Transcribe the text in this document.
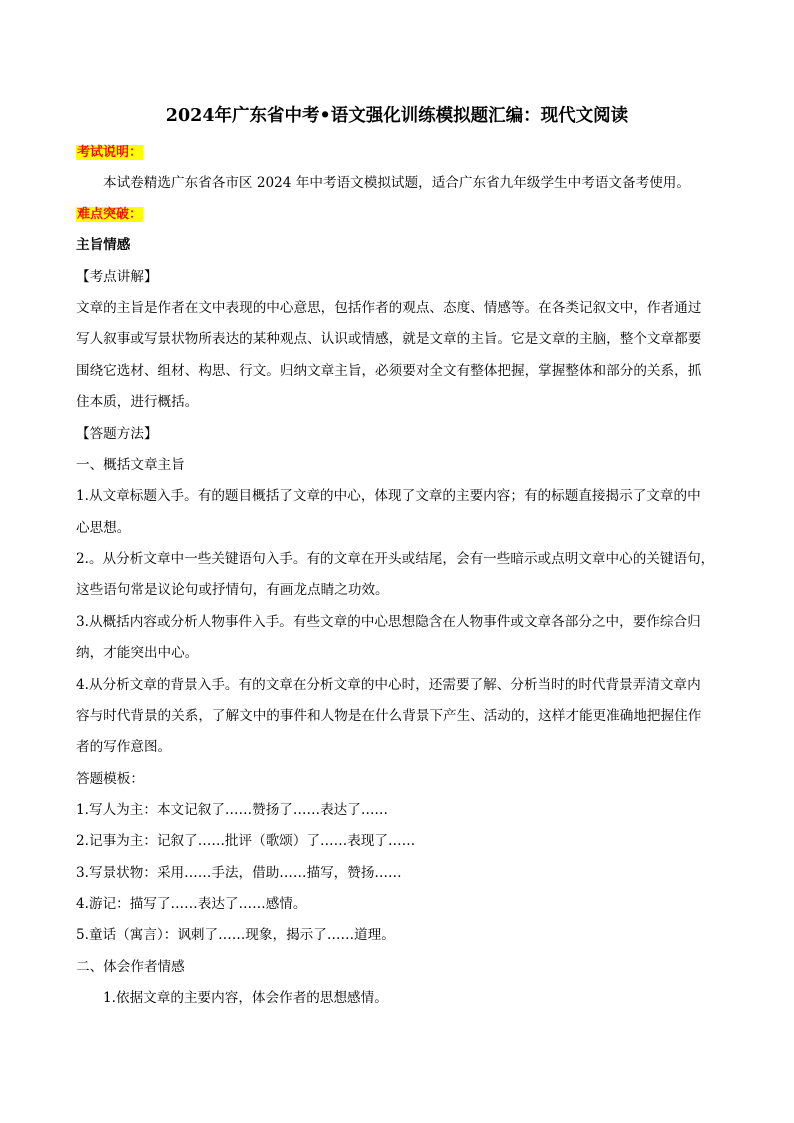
2024年广东省中考•语文强化训练模拟题汇编：现代文阅读
考试说明：
本试卷精选广东省各市区 2024 年中考语文模拟试题，适合广东省九年级学生中考语文备考使用。
难点突破：
主旨情感
【考点讲解】
文章的主旨是作者在文中表现的中心意思，包括作者的观点、态度、情感等。在各类记叙文中，作者通过
写人叙事或写景状物所表达的某种观点、认识或情感，就是文章的主旨。它是文章的主脑，整个文章都要
围绕它选材、组材、构思、行文。归纳文章主旨，必须要对全文有整体把握，掌握整体和部分的关系，抓
住本质，进行概括。
【答题方法】
一、概括文章主旨
1.从文章标题入手。有的题目概括了文章的中心，体现了文章的主要内容；有的标题直接揭示了文章的中
心思想。
2.。从分析文章中一些关键语句入手。有的文章在开头或结尾，会有一些暗示或点明文章中心的关键语句，
这些语句常是议论句或抒情句，有画龙点睛之功效。
3.从概括内容或分析人物事件入手。有些文章的中心思想隐含在人物事件或文章各部分之中，要作综合归
纳，才能突出中心。
4.从分析文章的背景入手。有的文章在分析文章的中心时，还需要了解、分析当时的时代背景弄清文章内
容与时代背景的关系，了解文中的事件和人物是在什么背景下产生、活动的，这样才能更准确地把握住作
者的写作意图。
答题模板：
1.写人为主：本文记叙了……赞扬了……表达了……
2.记事为主：记叙了……批评（歌颂）了……表现了……
3.写景状物：采用……手法，借助……描写，赞扬……
4.游记：描写了……表达了……感情。
5.童话（寓言）：讽刺了……现象，揭示了……道理。
二、体会作者情感
1.依据文章的主要内容，体会作者的思想感情。
